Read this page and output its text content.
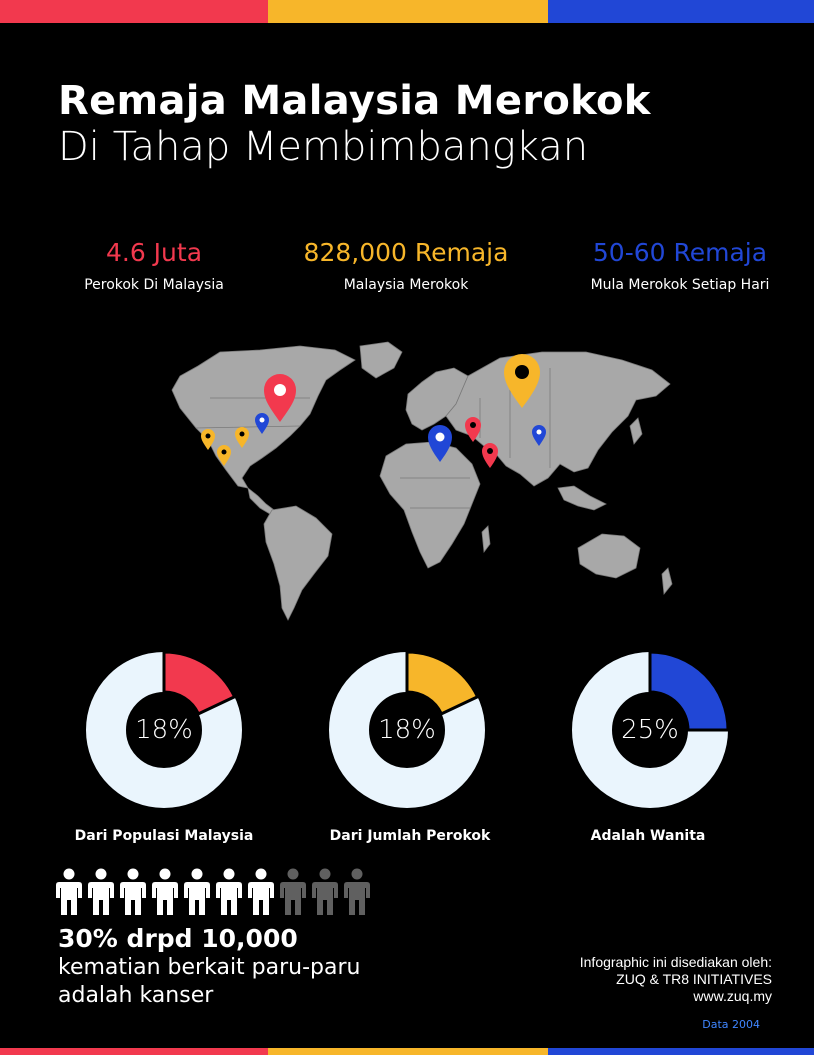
Remaja Malaysia Merokok
Di Tahap Membimbangkan
4.6 Juta
Perokok Di Malaysia
828,000 Remaja
Malaysia Merokok
50-60 Remaja
Mula Merokok Setiap Hari
18%	18%	25%
Dari Populasi Malaysia	Dari Jumlah Perokok	Adalah Wanita
30% drpd 10,000
kematian berkait paru-paru
adalah kanser
Infographic ini disediakan oleh:
ZUQ & TR8 INITIATIVES
www.zuq.my
Data 2004
